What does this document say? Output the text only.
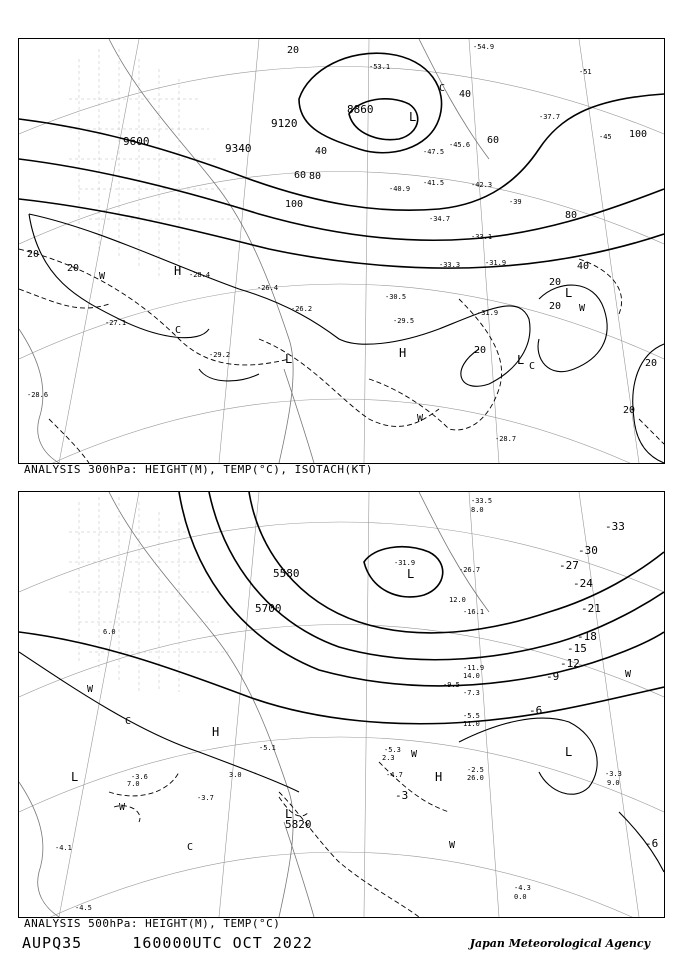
20
20
20
40
40
60 80
100
100
80
60
40
20
20
20
20
20
9600
9340
9120
8860
-54.9
-53.1
-51
-45
-47.5
-45.6
-42.3
-41.5
-40.9
-39
-37.7
-34.7
-33.1
-31.9
-30.5
-29.5
-28.4
-27.1
-26.2
-29.2
-28.7
-31.9
-33.3
-26.4
-28.6
L
H
H
L	L
L
C
C
C
W
W
W
ANALYSIS 300hPa: HEIGHT(M), TEMP(°C), ISOTACH(KT)
5580
5700
5820
-33
-30
-27
-24
-21
-18
-15
-12
-9
-6
-3
-6
-33.5
8.0
-26.7
-31.9
-16.1
-11.9
-9.5
-7.3
-5.5
-4.7
-5.3
-3.6
-2.5	-3.3
-4.3
-4.1
-4.5
-3.7
-5.1
9.0
26.0
7.0
0.0
12.0
14.0
11.0
6.0
3.0
2.3
L
L
L
L
H
H
C
C
W
W
W
W
W
ANALYSIS 500hPa: HEIGHT(M), TEMP(°C)
AUPQ35	160000UTC OCT 2022	Japan Meteorological Agency
